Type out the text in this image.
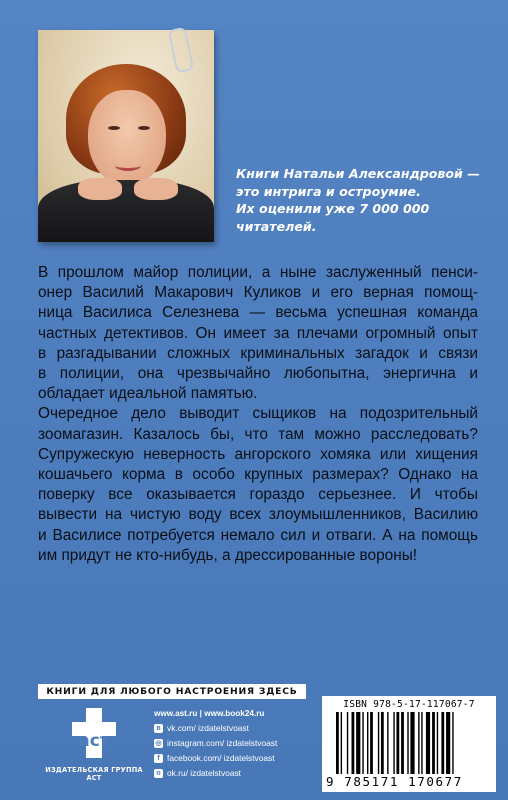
Книги Натальи Александровой —
это интрига и остроумие.
Их оценили уже 7 000 000
читателей.
В прошлом майор полиции, а ныне заслуженный пенси-
онер Василий Макарович Куликов и его верная помощ-
ница Василиса Селезнева — весьма успешная команда
частных детективов. Он имеет за плечами огромный опыт
в разгадывании сложных криминальных загадок и связи
в полиции, она чрезвычайно любопытна, энергична и
обладает идеальной памятью.
Очередное дело выводит сыщиков на подозрительный
зоомагазин. Казалось бы, что там можно расследовать?
Супружескую неверность ангорского хомяка или хищения
кошачьего корма в особо крупных размерах? Однако на
поверку все оказывается гораздо серьезнее. И чтобы
вывести на чистую воду всех злоумышленников, Василию
и Василисе потребуется немало сил и отваги. А на помощь
им придут не кто-нибудь, а дрессированные вороны!
КНИГИ ДЛЯ ЛЮБОГО НАСТРОЕНИЯ ЗДЕСЬ
аст
ИЗДАТЕЛЬСКАЯ ГРУППА АСТ
www.ast.ru | www.book24.ru
в vk.com/ izdatelstvoast
◎ instagram.com/ izdatelstvoast
f facebook.com/ izdatelstvoast
о ok.ru/ izdatelstvoast
ISBN 978-5-17-117067-7
9 785171 170677
